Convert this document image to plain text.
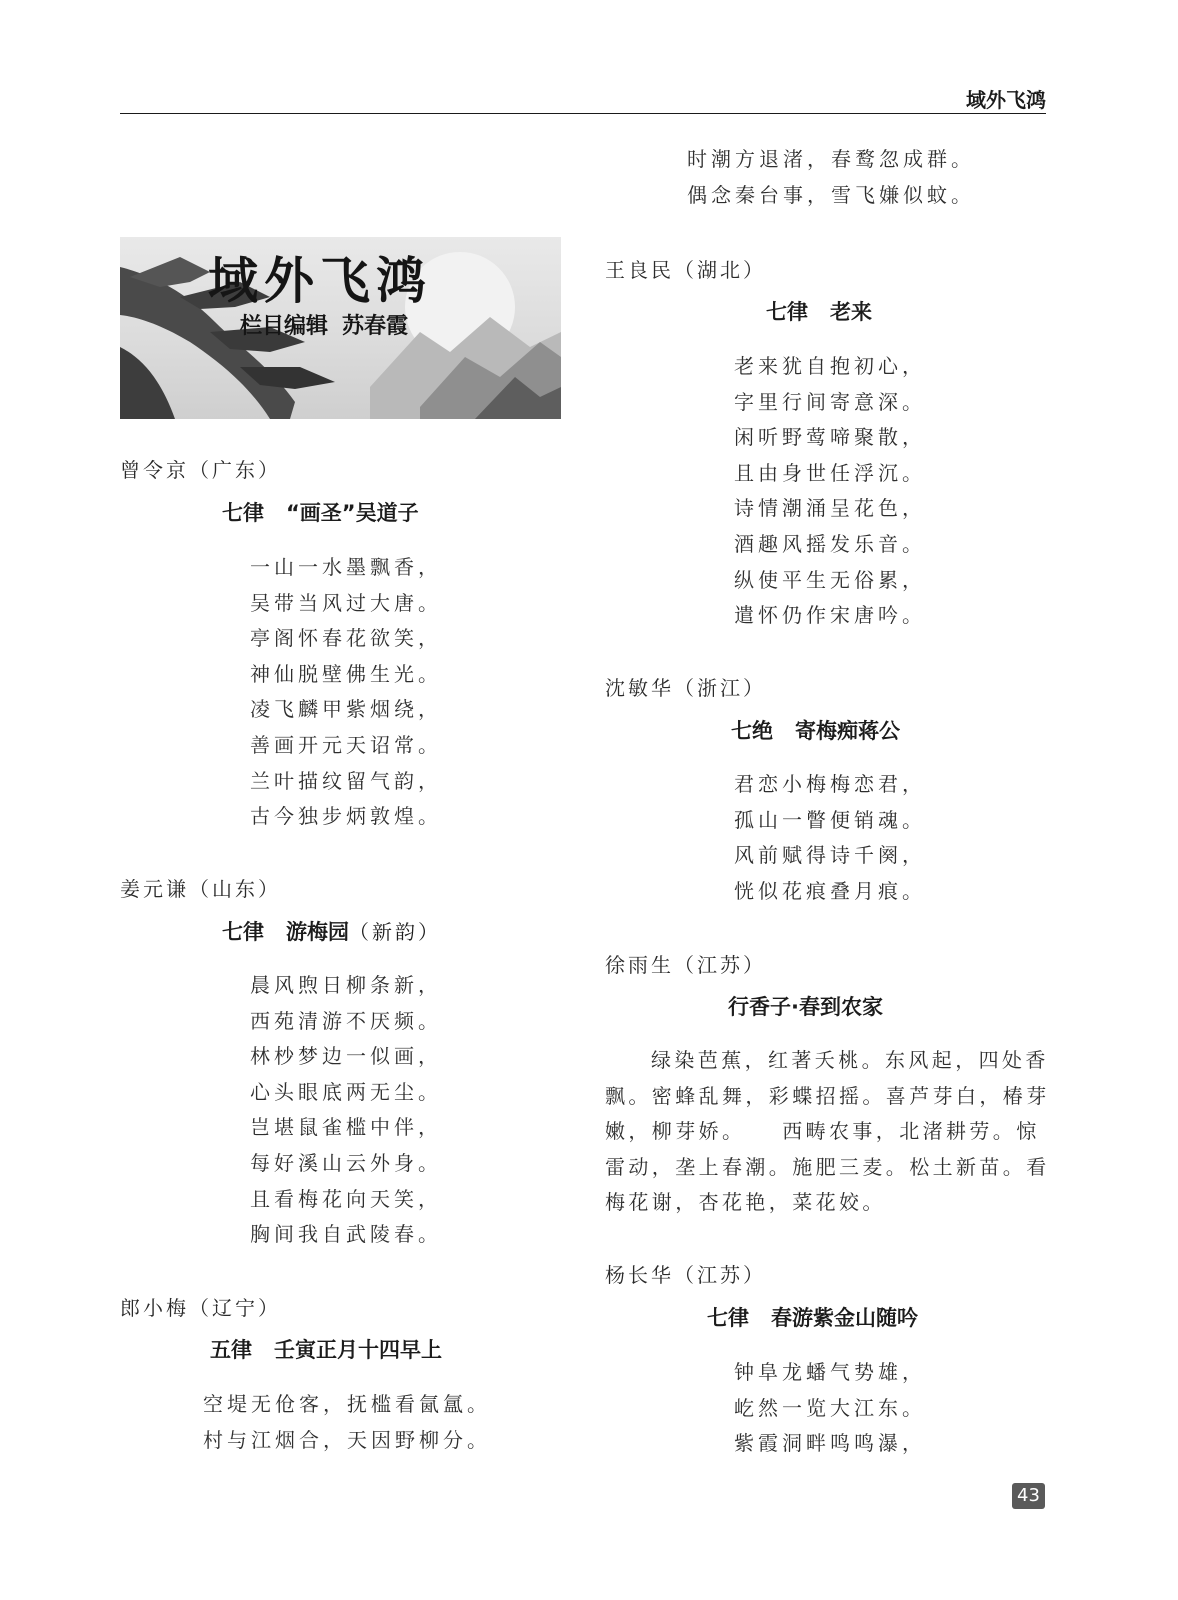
域外飞鸿
域外飞鸿
栏目编辑 苏春霞
曾令京（广东）
七律 “画圣”吴道子
一山一水墨飘香，
吴带当风过大唐。
亭阁怀春花欲笑，
神仙脱壁佛生光。
凌飞麟甲紫烟绕，
善画开元天诏常。
兰叶描纹留气韵，
古今独步炳敦煌。
姜元谦（山东）
七律 游梅园（新韵）
晨风煦日柳条新，
西苑清游不厌频。
林杪梦边一似画，
心头眼底两无尘。
岂堪鼠雀槛中伴，
每好溪山云外身。
且看梅花向天笑，
胸间我自武陵春。
郎小梅（辽宁）
五律 壬寅正月十四早上
空堤无伧客，抚槛看氤氲。
村与江烟合，天因野柳分。
时潮方退渚，春鹜忽成群。
偶念秦台事，雪飞嫌似蚊。
王良民（湖北）
七律 老来
老来犹自抱初心，
字里行间寄意深。
闲听野莺啼聚散，
且由身世任浮沉。
诗情潮涌呈花色，
酒趣风摇发乐音。
纵使平生无俗累，
遣怀仍作宋唐吟。
沈敏华（浙江）
七绝 寄梅痴蒋公
君恋小梅梅恋君，
孤山一瞥便销魂。
风前赋得诗千阕，
恍似花痕叠月痕。
徐雨生（江苏）
行香子·春到农家

绿染芭蕉，红著夭桃。东风起，四处香飘。密蜂乱舞，彩蝶招摇。喜芦芽白，椿芽嫩，柳芽娇。　　西畴农事，北渚耕劳。惊雷动，垄上春潮。施肥三麦。松土新苗。看梅花谢，杏花艳，菜花姣。

杨长华（江苏）
七律 春游紫金山随吟
钟阜龙蟠气势雄，
屹然一览大江东。
紫霞洞畔鸣鸣瀑，
43
